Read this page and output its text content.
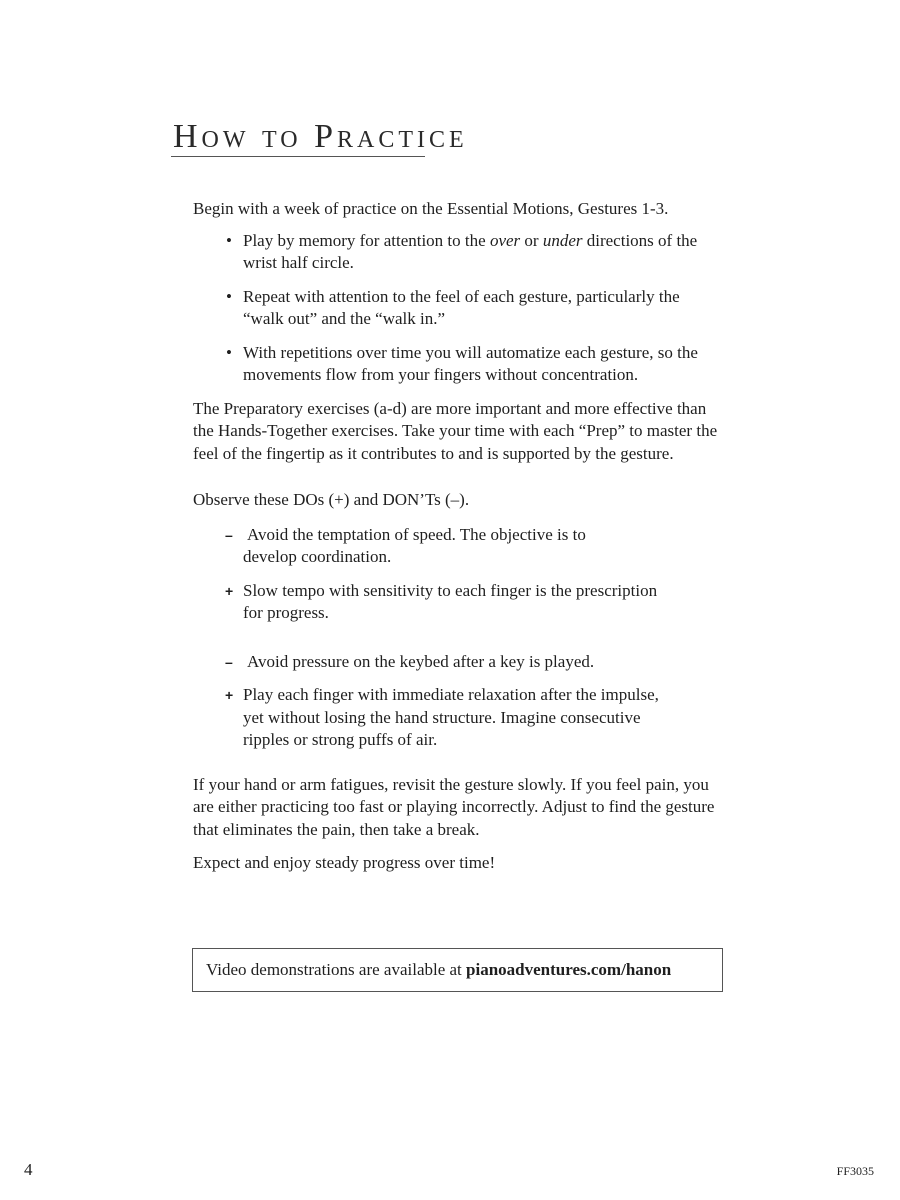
How to Practice

Begin with a week of practice on the Essential Motions, Gestures 1-3.

• Play by memory for attention to the over or under directions of the wrist half circle.
• Repeat with attention to the feel of each gesture, particularly the “walk out” and the “walk in.”
• With repetitions over time you will automatize each gesture, so the movements flow from your fingers without concentration.

The Preparatory exercises (a-d) are more important and more effective than the Hands-Together exercises. Take your time with each “Prep” to master the feel of the fingertip as it contributes to and is supported by the gesture.

Observe these DOs (+) and DON’Ts (–).

– Avoid the temptation of speed. The objective is to
develop coordination.
+ Slow tempo with sensitivity to each finger is the prescription
for progress.
– Avoid pressure on the keybed after a key is played.
+ Play each finger with immediate relaxation after the impulse,
yet without losing the hand structure. Imagine consecutive
ripples or strong puffs of air.

If your hand or arm fatigues, revisit the gesture slowly. If you feel pain, you are either practicing too fast or playing incorrectly. Adjust to find the gesture that eliminates the pain, then take a break.

Expect and enjoy steady progress over time!

Video demonstrations are available at pianoadventures.com/hanon
4	FF3035
